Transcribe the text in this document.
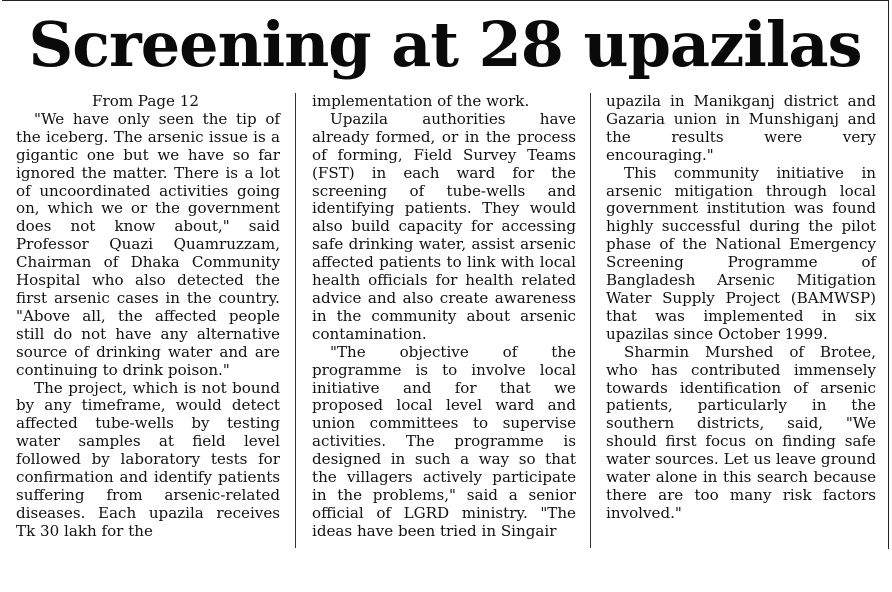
Screening at 28 upazilas
From Page 12

"We have only seen the tip of the iceberg. The arsenic issue is a gigantic one but we have so far ignored the matter. There is a lot of uncoordinated activities going on, which we or the government does not know about," said Professor Quazi Quamruzzam, Chairman of Dhaka Community Hospital who also detected the first arsenic cases in the country. "Above all, the affected people still do not have any alternative source of drinking water and are continuing to drink poison."

The project, which is not bound by any timeframe, would detect affected tube-wells by testing water samples at field level followed by laboratory tests for confirmation and identify patients suffering from arsenic-related diseases. Each upazila receives Tk 30 lakh for the

implementation of the work.

Upazila authorities have already formed, or in the process of forming, Field Survey Teams (FST) in each ward for the screening of tube-wells and identifying patients. They would also build capacity for accessing safe drinking water, assist arsenic affected patients to link with local health officials for health related advice and also create awareness in the community about arsenic contamination.

"The objective of the programme is to involve local initiative and for that we proposed local level ward and union committees to supervise activities. The programme is designed in such a way so that the villagers actively participate in the problems," said a senior official of LGRD ministry. "The ideas have been tried in Singair

upazila in Manikganj district and Gazaria union in Munshiganj and the results were very encouraging."

This community initiative in arsenic mitigation through local government institution was found highly successful during the pilot phase of the National Emergency Screening Programme of Bangladesh Arsenic Mitigation Water Supply Project (BAMWSP) that was implemented in six upazilas since October 1999.

Sharmin Murshed of Brotee, who has contributed immensely towards identification of arsenic patients, particularly in the southern districts, said, "We should first focus on finding safe water sources. Let us leave ground water alone in this search because there are too many risk factors involved."
